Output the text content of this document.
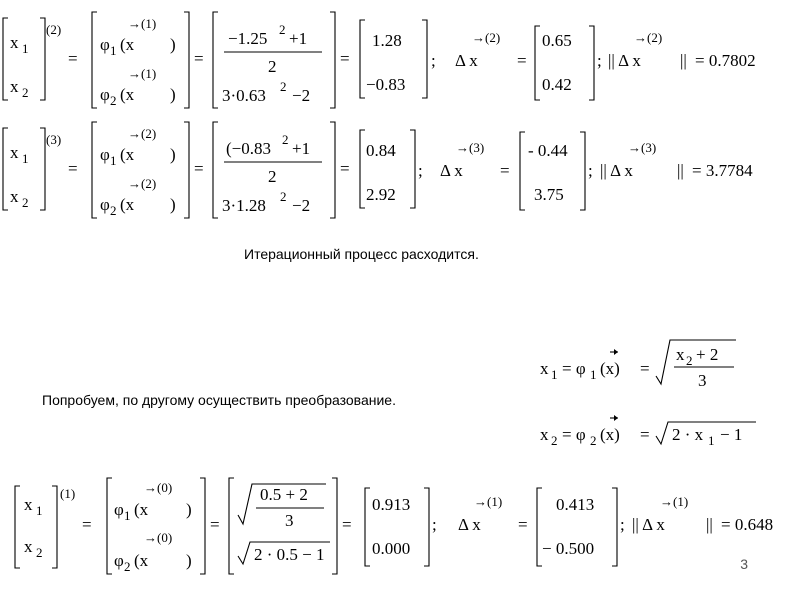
x 1
x 2
(2)
=
→(1)
φ 1 (x )
→(1)
φ 2 (x )
=
−1.25 2 +1
2
3·0.63 2 −2
=
1.28
−0.83
; Δ x
→(2)
=
0.65
0.42
; || Δ x
→(2)
|| = 0.7802
x 1
x 2
(3)
=
→(2)
φ 1 (x )
→(2)
φ 2 (x )
=
(−0.83 2 +1
2
3·1.28 2 −2
=
0.84
2.92
; Δ x
→(3)
=
- 0.44
3.75
; || Δ x
→(3)
|| = 3.7784
x 1 = φ 1 (x) =
x 2 + 2
3
x 2 = φ 2 (x) = 2 · x 1 − 1
x 1
x 2
(1)
=
→(0)
φ 1 (x )
→(0)
φ 2 (x )
=
0.5 + 2
3
2 · 0.5 − 1
=
0.913
0.000
; Δ x
→(1)
=
0.413
− 0.500
; || Δ x
→(1)
|| = 0.648
Итерационный процесс расходится.
Попробуем, по другому осуществить преобразование.
3
